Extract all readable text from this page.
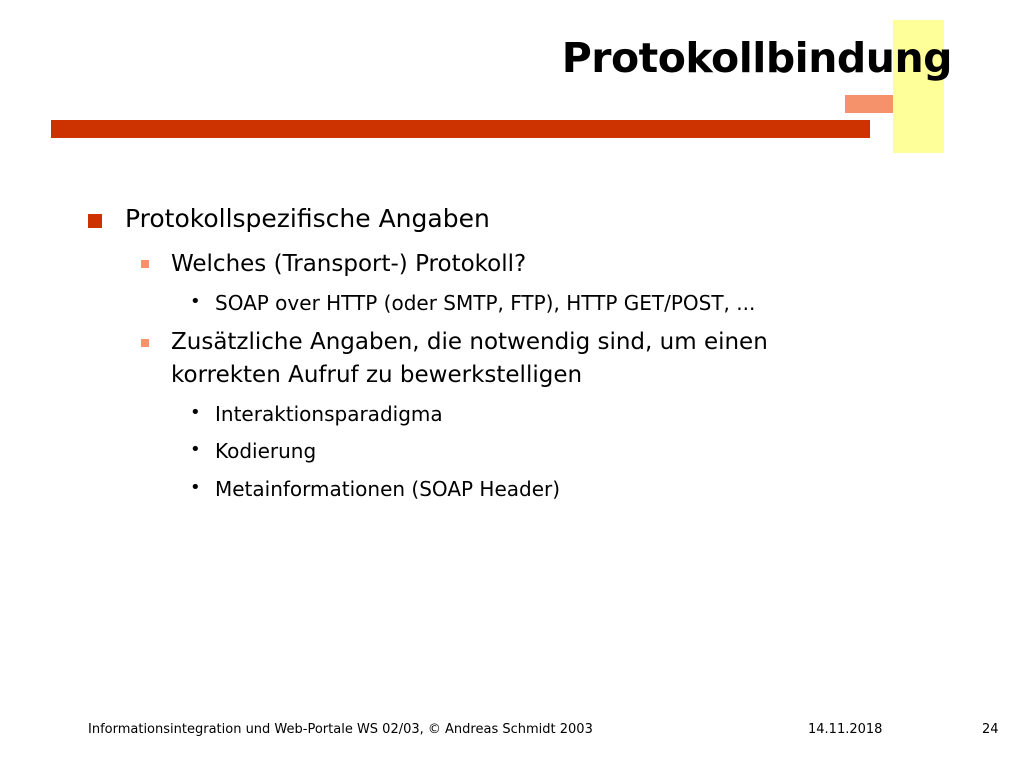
Protokollbindung
Protokollspezifische Angaben
Welches (Transport-) Protokoll?
• SOAP over HTTP (oder SMTP, FTP), HTTP GET/POST, ...
Zusätzliche Angaben, die notwendig sind, um einen
korrekten Aufruf zu bewerkstelligen
• Interaktionsparadigma
• Kodierung
• Metainformationen (SOAP Header)
Informationsintegration und Web-Portale WS 02/03, © Andreas Schmidt 2003	14.11.2018	24
